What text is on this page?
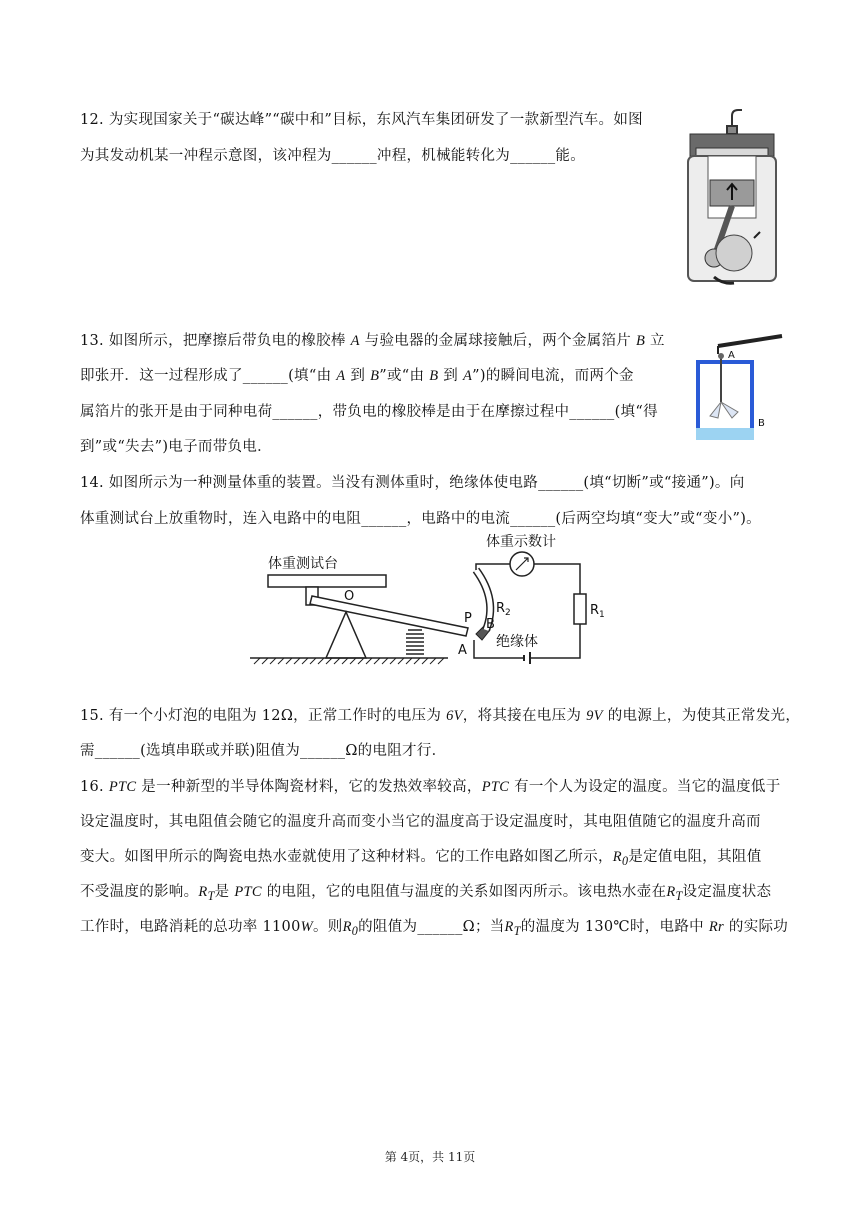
12. 为实现国家关于“碳达峰”“碳中和”目标，东风汽车集团研发了一款新型汽车。如图
为其发动机某一冲程示意图，该冲程为______冲程，机械能转化为______能。
13. 如图所示，把摩擦后带负电的橡胶棒 A 与验电器的金属球接触后，两个金属箔片 B 立
即张开．这一过程形成了______(填“由 A 到 B”或“由 B 到 A”)的瞬间电流，而两个金
属箔片的张开是由于同种电荷______，带负电的橡胶棒是由于在摩擦过程中______(填“得
到”或“失去”)电子而带负电．
A
B
14. 如图所示为一种测量体重的装置。当没有测体重时，绝缘体使电路______(填“切断”或“接通”)。向
体重测试台上放重物时，连入电路中的电阻______，电路中的电流______(后两空均填“变大”或“变小”)。
体重测试台
体重示数计
O
P
$R_2$
B
A
绝缘体
$R_1$
15. 有一个小灯泡的电阻为 12Ω，正常工作时的电压为 6V，将其接在电压为 9V 的电源上，为使其正常发光，
需______(选填串联或并联)阻值为______Ω的电阻才行．
16. PTC 是一种新型的半导体陶瓷材料，它的发热效率较高，PTC 有一个人为设定的温度。当它的温度低于
设定温度时，其电阻值会随它的温度升高而变小当它的温度高于设定温度时，其电阻值随它的温度升高而
变大。如图甲所示的陶瓷电热水壶就使用了这种材料。它的工作电路如图乙所示，$R_0$是定值电阻，其阻值
不受温度的影响。$R_T$是 PTC 的电阻，它的电阻值与温度的关系如图丙所示。该电热水壶在$R_T$设定温度状态
工作时，电路消耗的总功率 1100W。则$R_0$的阻值为______Ω；当$R_T$的温度为 130℃时，电路中 Rr 的实际功
第 4页，共 11页
